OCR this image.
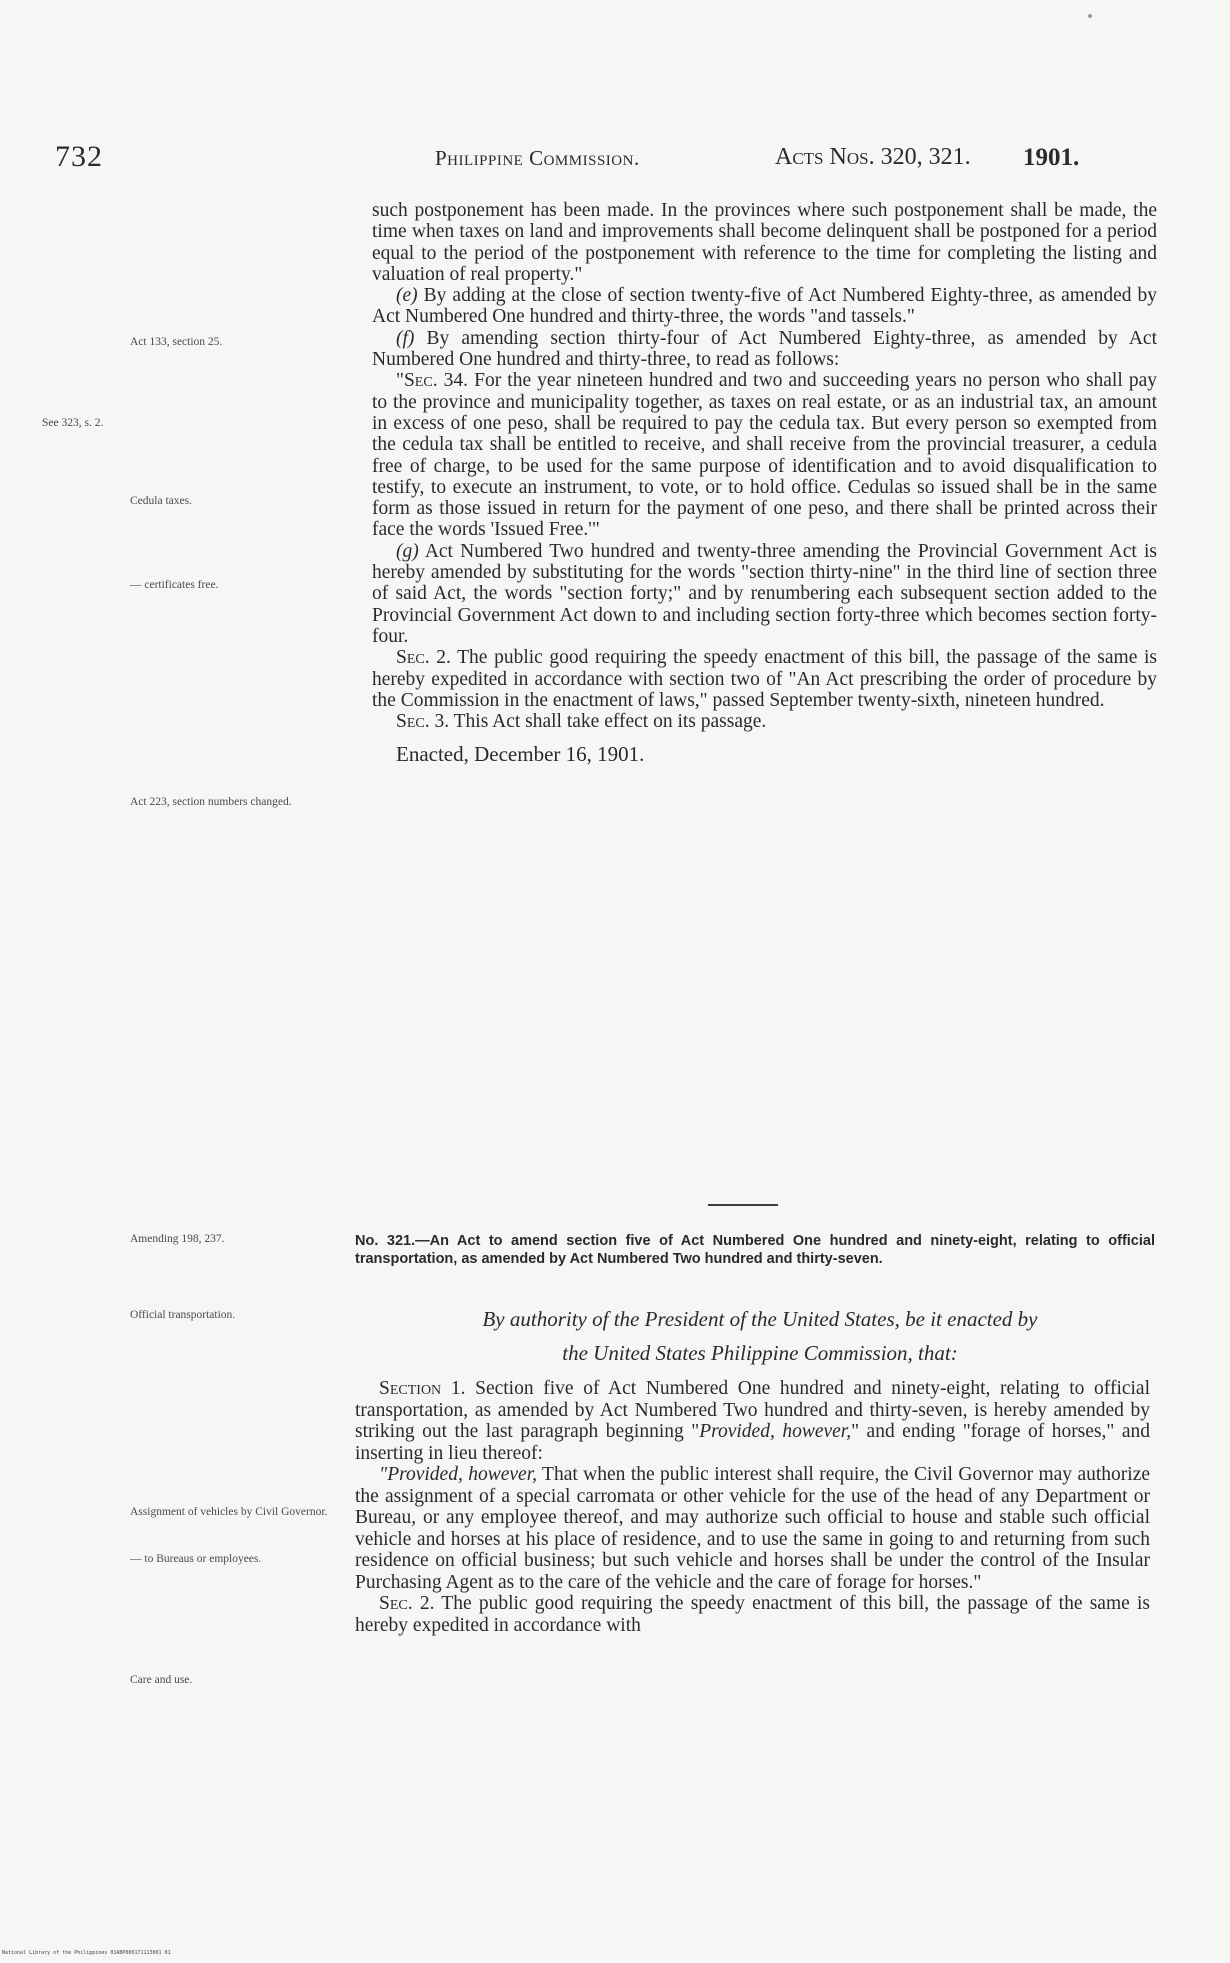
732	Philippine Commission.	Acts Nos. 320, 321. 1901.
Act 133, section 25.
See 323, s. 2.
Cedula taxes.
— certificates free.
Act 223, section numbers changed.
Amending 198, 237.
Official transportation.
Assignment of vehicles by Civil Governor.
— to Bureaus or employees.
Care and use.

such postponement has been made. In the provinces where such postponement shall be made, the time when taxes on land and improvements shall become delinquent shall be postponed for a period equal to the period of the postponement with reference to the time for completing the listing and valuation of real property."

(e) By adding at the close of section twenty-five of Act Numbered Eighty-three, as amended by Act Numbered One hundred and thirty-three, the words "and tassels."

(f) By amending section thirty-four of Act Numbered Eighty-three, as amended by Act Numbered One hundred and thirty-three, to read as follows:

"Sec. 34. For the year nineteen hundred and two and succeeding years no person who shall pay to the province and municipality together, as taxes on real estate, or as an industrial tax, an amount in excess of one peso, shall be required to pay the cedula tax. But every person so exempted from the cedula tax shall be entitled to receive, and shall receive from the provincial treasurer, a cedula free of charge, to be used for the same purpose of identification and to avoid disqualification to testify, to execute an instrument, to vote, or to hold office. Cedulas so issued shall be in the same form as those issued in return for the payment of one peso, and there shall be printed across their face the words 'Issued Free.'"

(g) Act Numbered Two hundred and twenty-three amending the Provincial Government Act is hereby amended by substituting for the words "section thirty-nine" in the third line of section three of said Act, the words "section forty;" and by renumbering each subsequent section added to the Provincial Government Act down to and including section forty-three which becomes section forty-four.

Sec. 2. The public good requiring the speedy enactment of this bill, the passage of the same is hereby expedited in accordance with section two of "An Act prescribing the order of procedure by the Commission in the enactment of laws," passed September twenty-sixth, nineteen hundred.

Sec. 3. This Act shall take effect on its passage.

Enacted, December 16, 1901.

No. 321.—An Act to amend section five of Act Numbered One hundred and ninety-eight, relating to official transportation, as amended by Act Numbered Two hundred and thirty-seven.
By authority of the President of the United States, be it enacted by
the United States Philippine Commission, that:

Section 1. Section five of Act Numbered One hundred and ninety-eight, relating to official transportation, as amended by Act Numbered Two hundred and thirty-seven, is hereby amended by striking out the last paragraph beginning "Provided, however," and ending "forage of horses," and inserting in lieu thereof:

"Provided, however, That when the public interest shall require, the Civil Governor may authorize the assignment of a special carromata or other vehicle for the use of the head of any Department or Bureau, or any employee thereof, and may authorize such official to house and stable such official vehicle and horses at his place of residence, and to use the same in going to and returning from such residence on official business; but such vehicle and horses shall be under the control of the Insular Purchasing Agent as to the care of the vehicle and the care of forage for horses."

Sec. 2. The public good requiring the speedy enactment of this bill, the passage of the same is hereby expedited in accordance with

National Library of the Philippines 01ABP000171113001 01
